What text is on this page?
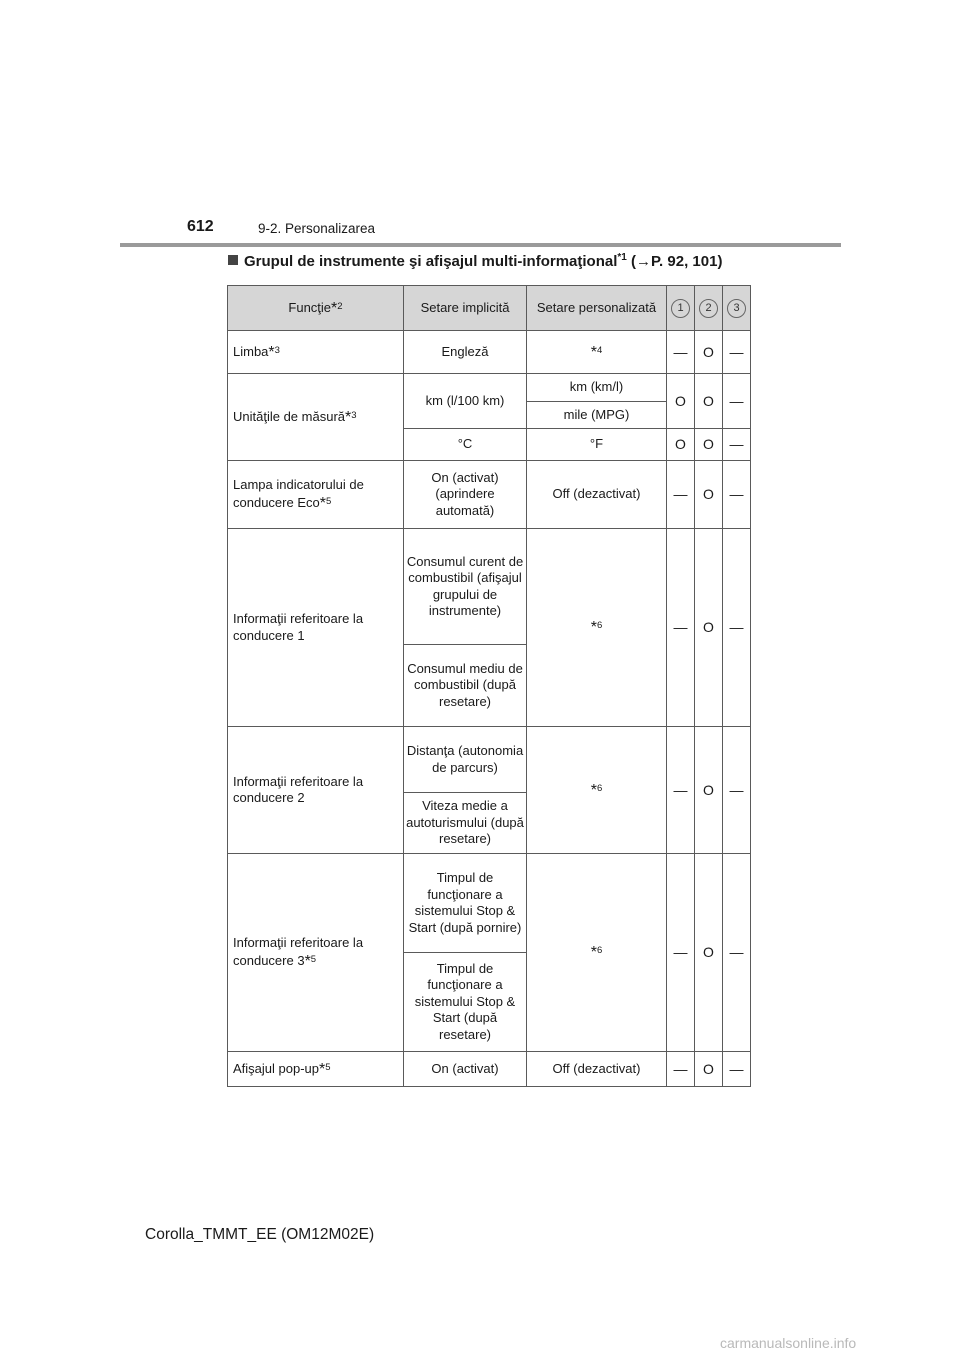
612	9-2. Personalizarea
Grupul de instrumente şi afişajul multi-informaţional$^{*1}$ (→P. 92, 101)
Funcţie*$^2$	Setare implicită	Setare personalizată	1	2	3
Limba*$^3$	Engleză	*$^4$	—	O	—
Unităţile de măsură*$^3$	km (l/100 km)	km (km/l)	O	O	—
		mile (MPG)			
	°C	°F	O	O	—
Lampa indicatorului de conducere Eco*$^5$	On (activat) (aprindere automată)	Off (dezactivat)	—	O	—
Informaţii referitoare la conducere 1	Consumul curent de combustibil (afişajul grupului de instrumente)	*$^6$	—	O	—
	Consumul mediu de combustibil (după resetare)				
Informaţii referitoare la conducere 2	Distanţa (autonomia de parcurs)	*$^6$	—	O	—
	Viteza medie a autoturismului (după resetare)				
Informaţii referitoare la conducere 3*$^5$	Timpul de funcţionare a sistemului Stop & Start (după pornire)	*$^6$	—	O	—
	Timpul de funcţionare a sistemului Stop & Start (după resetare)				
Afişajul pop-up*$^5$	On (activat)	Off (dezactivat)	—	O	—
Corolla_TMMT_EE (OM12M02E)
carmanualsonline.info
